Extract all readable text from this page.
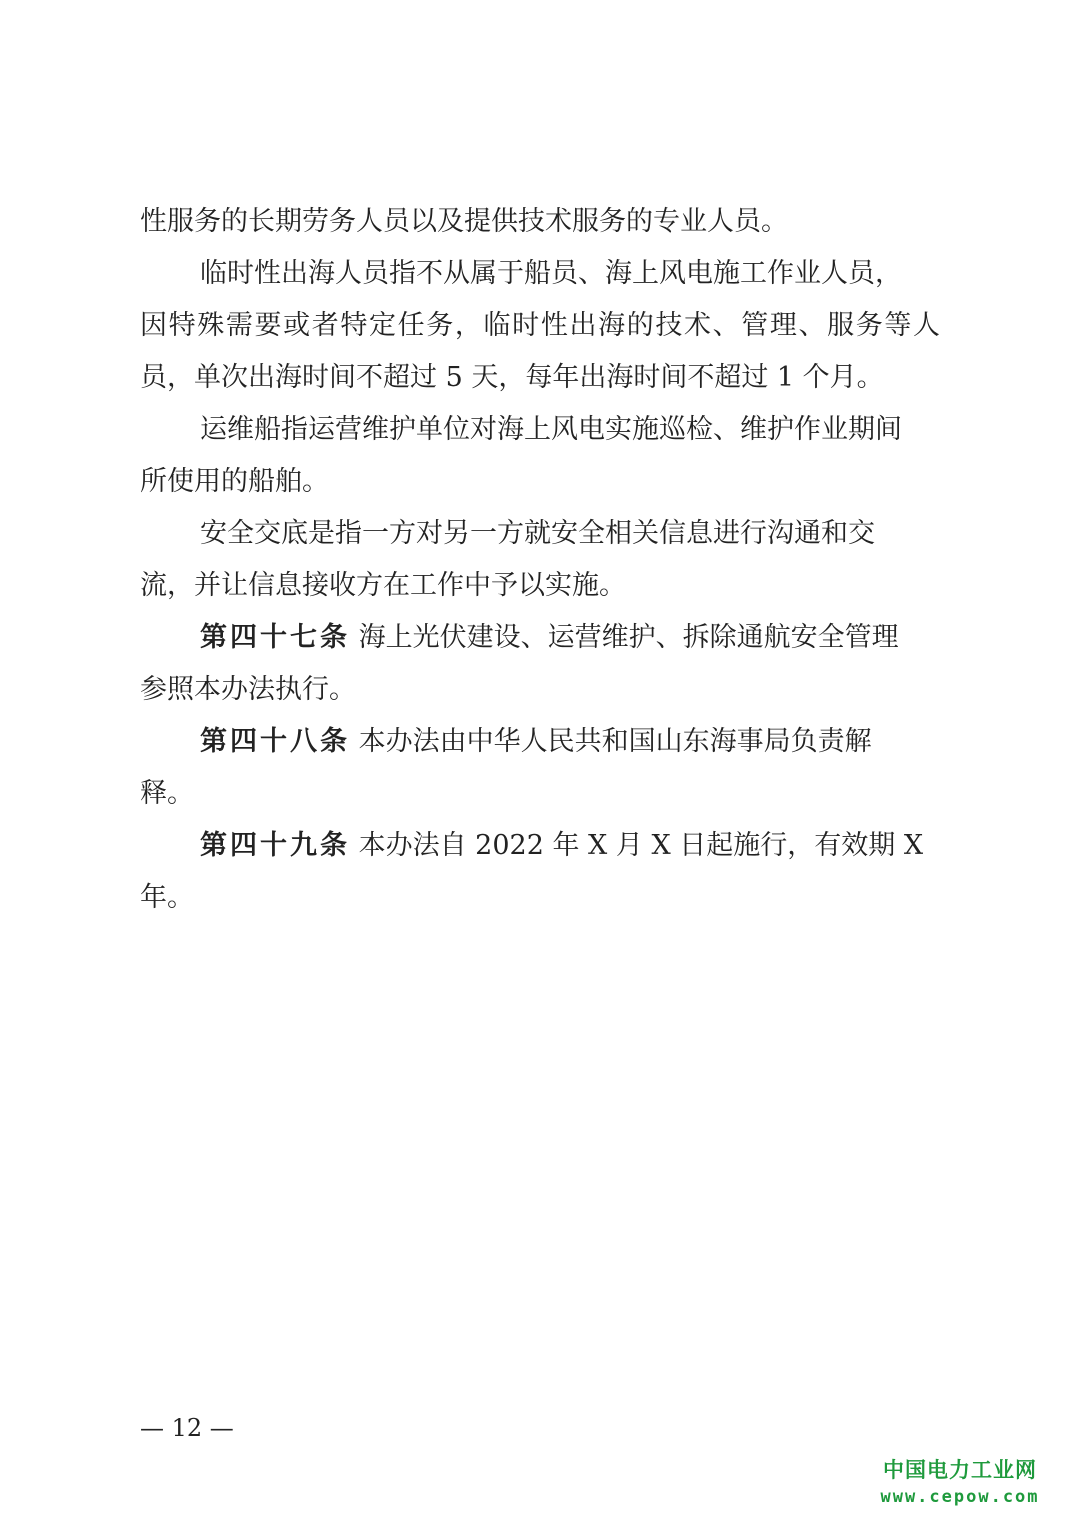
性服务的长期劳务人员以及提供技术服务的专业人员。
临时性出海人员指不从属于船员、海上风电施工作业人员，
因特殊需要或者特定任务，临时性出海的技术、管理、服务等人
员，单次出海时间不超过 5 天，每年出海时间不超过 1 个月。
运维船指运营维护单位对海上风电实施巡检、维护作业期间
所使用的船舶。
安全交底是指一方对另一方就安全相关信息进行沟通和交
流，并让信息接收方在工作中予以实施。
第四十七条 海上光伏建设、运营维护、拆除通航安全管理
参照本办法执行。
第四十八条 本办法由中华人民共和国山东海事局负责解
释。
第四十九条 本办法自 2022 年 X 月 X 日起施行，有效期 X
年。
— 12 —
中国电力工业网
www.cepow.com
